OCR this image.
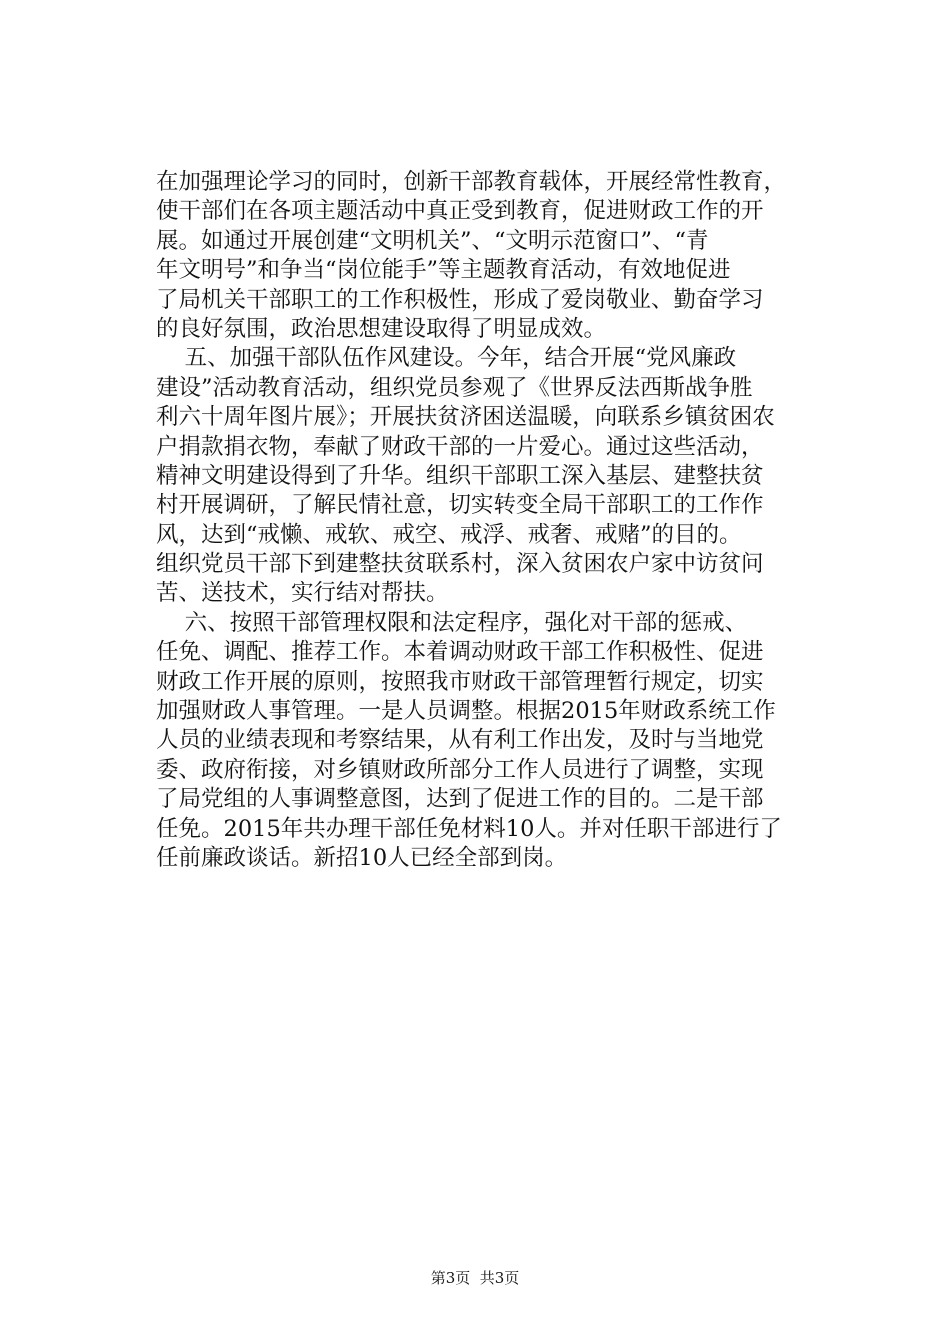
在加强理论学习的同时，创新干部教育载体，开展经常性教育，
使干部们在各项主题活动中真正受到教育，促进财政工作的开
展。如通过开展创建“文明机关”、“文明示范窗口”、“青
年文明号”和争当“岗位能手”等主题教育活动，有效地促进
了局机关干部职工的工作积极性，形成了爱岗敬业、勤奋学习
的良好氛围，政治思想建设取得了明显成效。
五、加强干部队伍作风建设。今年，结合开展“党风廉政
建设”活动教育活动，组织党员参观了《世界反法西斯战争胜
利六十周年图片展》；开展扶贫济困送温暖，向联系乡镇贫困农
户捐款捐衣物，奉献了财政干部的一片爱心。通过这些活动，
精神文明建设得到了升华。组织干部职工深入基层、建整扶贫
村开展调研，了解民情社意，切实转变全局干部职工的工作作
风，达到“戒懒、戒软、戒空、戒浮、戒奢、戒赌”的目的。
组织党员干部下到建整扶贫联系村，深入贫困农户家中访贫问
苦、送技术，实行结对帮扶。
六、按照干部管理权限和法定程序，强化对干部的惩戒、
任免、调配、推荐工作。本着调动财政干部工作积极性、促进
财政工作开展的原则，按照我市财政干部管理暂行规定，切实
加强财政人事管理。一是人员调整。根据2015年财政系统工作
人员的业绩表现和考察结果，从有利工作出发，及时与当地党
委、政府衔接，对乡镇财政所部分工作人员进行了调整，实现
了局党组的人事调整意图，达到了促进工作的目的。二是干部
任免。2015年共办理干部任免材料10人。并对任职干部进行了
任前廉政谈话。新招10人已经全部到岗。
第3页  共3页
